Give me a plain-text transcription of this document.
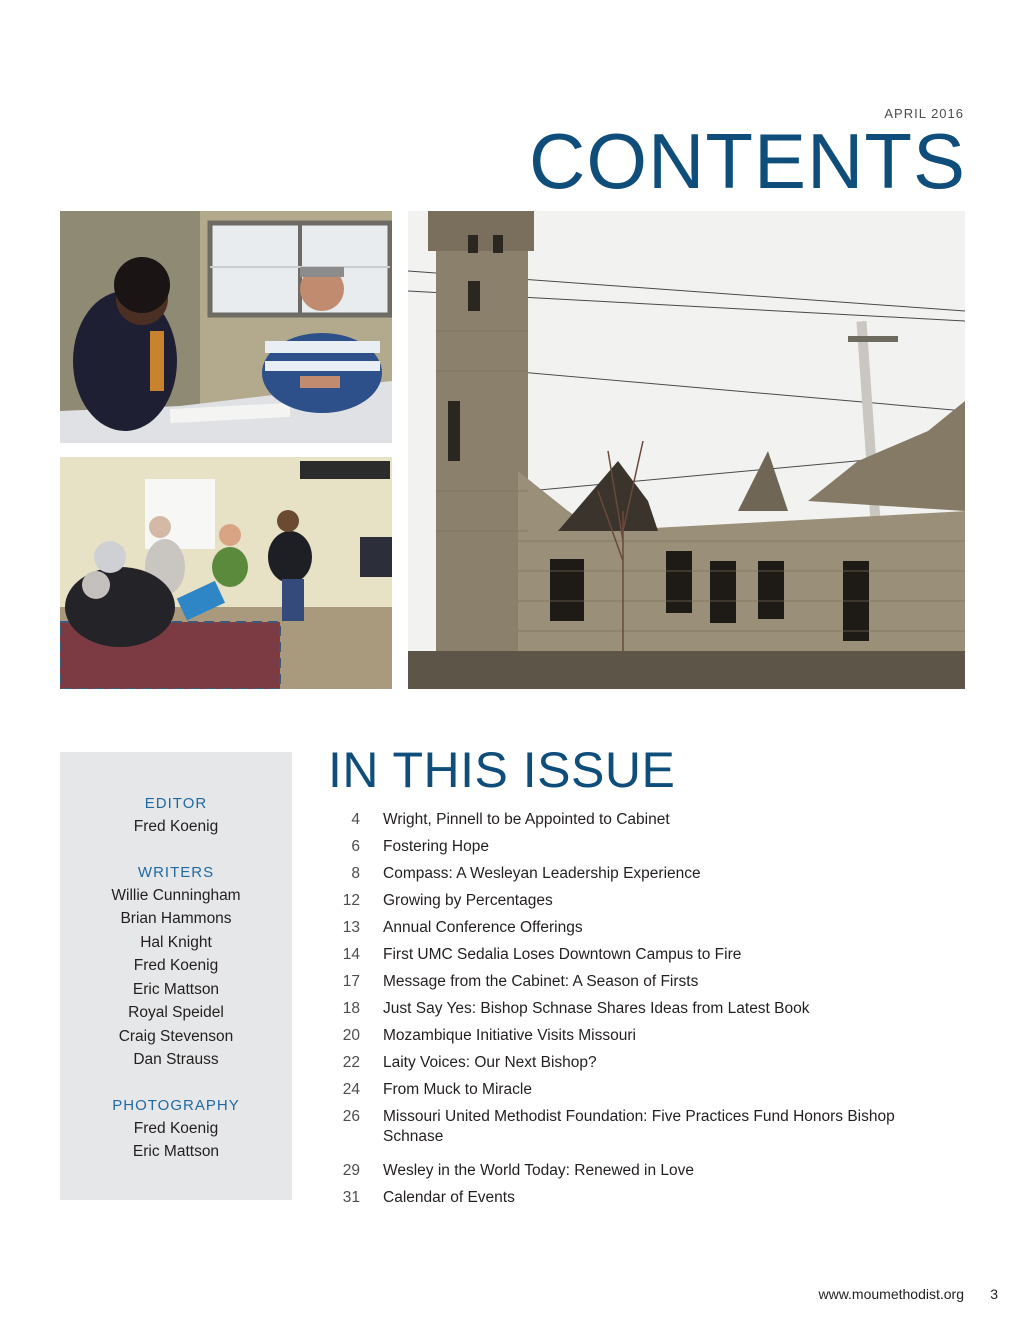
APRIL 2016
CONTENTS
EDITOR
Fred Koenig
WRITERS
Willie Cunningham
Brian Hammons
Hal Knight
Fred Koenig
Eric Mattson
Royal Speidel
Craig Stevenson
Dan Strauss
PHOTOGRAPHY
Fred Koenig
Eric Mattson
IN THIS ISSUE
4 Wright, Pinnell to be Appointed to Cabinet
6 Fostering Hope
8 Compass: A Wesleyan Leadership Experience
12 Growing by Percentages
13 Annual Conference Offerings
14 First UMC Sedalia Loses Downtown Campus to Fire
17 Message from the Cabinet: A Season of Firsts
18 Just Say Yes: Bishop Schnase Shares Ideas from Latest Book
20 Mozambique Initiative Visits Missouri
22 Laity Voices: Our Next Bishop?
24 From Muck to Miracle
26 Missouri United Methodist Foundation: Five Practices Fund Honors Bishop Schnase
29 Wesley in the World Today: Renewed in Love
31 Calendar of Events
www.moumethodist.org 3
